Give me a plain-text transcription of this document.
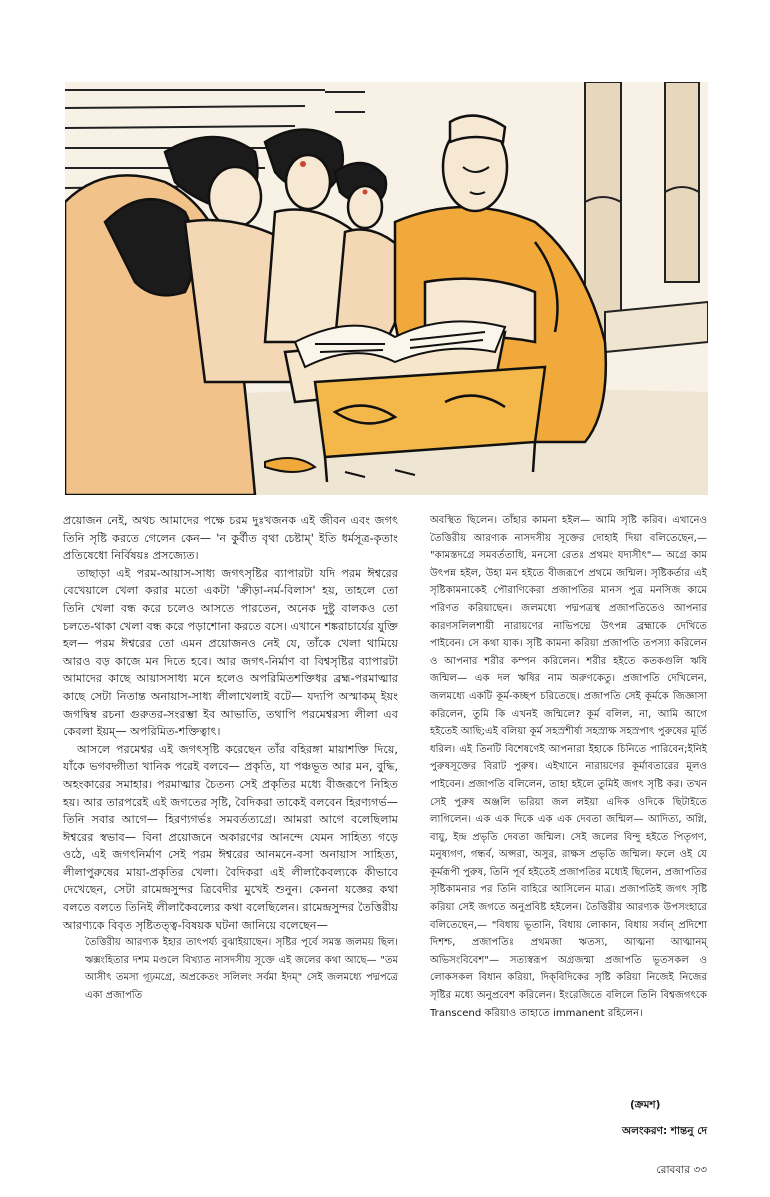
প্রয়োজন নেই, অথচ আমাদের পক্ষে চরম দুঃখজনক এই জীবন এবং জগৎ তিনি সৃষ্টি করতে গেলেন কেন— 'ন কুর্বীত বৃথা চেষ্টাম্' ইতি ধর্মসূত্র-কৃতাং প্রতিষেধো নির্বিষয়ঃ প্রসজ্যেত।

তাছাড়া এই পরম-আয়াস-সাধ্য জগৎসৃষ্টির ব্যাপারটা যদি পরম ঈশ্বরের বেখেয়ালে খেলা করার মতো একটা 'ক্রীড়া-নর্ম-বিলাস' হয়, তাহলে তো তিনি খেলা বন্ধ করে চলেও আসতে পারতেন, অনেক দুষ্টু বালকও তো চলতে-থাকা খেলা বন্ধ করে পড়াশোনা করতে বসে। এখানে শঙ্করাচার্যের যুক্তি হল— পরম ঈশ্বরের তো এমন প্রয়োজনও নেই যে, তাঁকে খেলা থামিয়ে আরও বড় কাজে মন দিতে হবে। আর জগৎ-নির্মাণ বা বিশ্বসৃষ্টির ব্যাপারটা আমাদের কাছে আয়াসসাধ্য মনে হলেও অপরিমিতশক্তিধর ব্রহ্ম-পরমাত্মার কাছে সেটা নিতান্ত অনায়াস-সাধ্য লীলাখেলাই বটে— যদ্যপি অস্মাকম্ ইয়ং জগদ্বিম্ব রচনা গুরুতর-সংরম্ভা ইব আভাতি, তথাপি পরমেশ্বরস্য লীলা এব কেবলা ইয়ম্— অপরিমিত-শক্তিত্বাৎ।

আসলে পরমেশ্বর এই জগৎসৃষ্টি করেছেন তাঁর বহিরঙ্গা মায়াশক্তি দিয়ে, যাঁকে ভগবদ্গীতা খানিক পরেই বলবে— প্রকৃতি, যা পঞ্চভূত আর মন, বুদ্ধি, অহংকারের সমাহার। পরমাত্মার চৈতন্য সেই প্রকৃতির মধ্যে বীজরূপে নিহিত হয়। আর তারপরেই এই জগতের সৃষ্টি, বৈদিকরা তাকেই বলবেন হিরণ্যগর্ভ— তিনি সবার আগে— হিরণ্যগর্ভঃ সমবর্তত্যগ্রে। আমরা আগে বলেছিলাম ঈশ্বরের স্বভাব— বিনা প্রয়োজনে অকারণের আনন্দে যেমন সাহিত্য গড়ে ওঠে, এই জগৎনির্মাণ সেই পরম ঈশ্বরের আনমনে-বসা অনায়াস সাহিত্য, লীলাপুরুষের মায়া-প্রকৃতির খেলা। বৈদিকরা এই লীলাকৈবল্যকে কীভাবে দেখেছেন, সেটা রামেন্দ্রসুন্দর ত্রিবেদীর মুখেই শুনুন। কেননা যজ্ঞের কথা বলতে বলতে তিনিই লীলাকৈবল্যের কথা বলেছিলেন। রামেন্দ্রসুন্দর তৈত্তিরীয় আরণ্যকে বিবৃত সৃষ্টিতত্ত্ব-বিষয়ক ঘটনা জানিয়ে বলেছেন—

তৈত্তিরীয় আরণ্যক ইহার তাৎপর্য্য বুঝাইয়াছেন। সৃষ্টির পূর্বে সমস্ত জলময় ছিল। ঋক্সংহিতার দশম মণ্ডলে বিখ্যাত নাসদসীয় সূক্তে এই জলের কথা আছে— "তম আসীৎ তমসা গূঢ়মগ্রে, অপ্রকেতং সলিলং সর্বমা ইদম্" সেই জলমধ্যে পদ্মপত্রে একা প্রজাপতি

অবস্থিত ছিলেন। তাঁহার কামনা হইল— আমি সৃষ্টি করিব। এখানেও তৈত্তিরীয় আরণ্যক নাসদসীয় সূক্তের দোহাই দিয়া বলিতেছেন,— "কামস্তদগ্রে সমবর্ততাধি, মনসো রেতঃ প্রথমং যদাসীৎ"— অগ্রে কাম উৎপন্ন হইল, উহা মন হইতে বীজরূপে প্রথমে জন্মিল। সৃষ্টিকর্তার এই সৃষ্টিকামনাকেই পৌরাণিকেরা প্রজাপতির মানস পুত্র মনসিজ কামে পরিণত করিয়াছেন। জলমধ্যে পদ্মপত্রস্থ প্রজাপতিতেও আপনার কারণসলিলশায়ী নারায়ণের নাভিপদ্মে উৎপন্ন ব্রহ্মাকে দেখিতে পাইবেন। সে কথা যাক। সৃষ্টি কামনা করিয়া প্রজাপতি তপস্যা করিলেন ও আপনার শরীর কম্পন করিলেন। শরীর হইতে কতকগুলি ঋষি জন্মিল— এক দল ঋষির নাম অরুণকেতু। প্রজাপতি দেখিলেন, জলমধ্যে একটি কূর্ম-কচ্ছপ চরিতেছে। প্রজাপতি সেই কূর্মকে জিজ্ঞাসা করিলেন, তুমি কি এখনই জন্মিলে? কূর্ম বলিল, না, আমি আগে হইতেই আছি;এই বলিয়া কূর্ম সহস্রশীর্ষা সহস্রাক্ষ সহস্রপাৎ পুরুষের মূর্তি ধরিল। এই তিনটি বিশেষণেই আপনারা ইহাকে চিনিতে পারিবেন;ইনিই পুরুষসূক্তের বিরাট পুরুষ। এইখানে নারায়ণের কূর্মাবতারের মূলও পাইবেন। প্রজাপতি বলিলেন, তাহা হইলে তুমিই জগৎ সৃষ্টি কর। তখন সেই পুরুষ অঞ্জলি ভরিয়া জল লইয়া এদিক ওদিকে ছিটাইতে লাগিলেন। এক এক দিকে এক এক দেবতা জন্মিল— আদিত্য, অগ্নি, বায়ু, ইন্দ্র প্রভৃতি দেবতা জন্মিল। সেই জলের বিন্দু হইতে পিতৃগণ, মনুষ্যগণ, গন্ধর্ব, অপ্সরা, অসুর, রাক্ষস প্রভৃতি জন্মিল। ফলে ওই যে কূর্মরূপী পুরুষ, তিনি পূর্ব হইতেই প্রজাপতির মধ্যেই ছিলেন, প্রজাপতির সৃষ্টিকামনার পর তিনি বাহিরে আসিলেন মাত্র। প্রজাপতিই জগৎ সৃষ্টি করিয়া সেই জগতে অনুপ্রবিষ্ট হইলেন। তৈত্তিরীয় আরণ্যক উপসংহারে বলিতেছেন,— "বিধায় ভূতানি, বিধায় লোকান, বিধায় সর্বান্ প্রদিশো দিশশ্চ, প্রজাপতিঃ প্রথমজা ঋতস্য, আত্মনা আত্মানম্ অভিসংবিবেশ"— সত্যস্বরূপ অগ্রজন্মা প্রজাপতি ভূতসকল ও লোকসকল বিধান করিয়া, দিক্‌বিদিকের সৃষ্টি করিয়া নিজেই নিজের সৃষ্টির মধ্যে অনুপ্রবেশ করিলেন। ইংরেজিতে বলিলে তিনি বিশ্বজগৎকে Transcend করিয়াও তাহাতে immanent রহিলেন।

(ক্রমশ)
অলংকরণ: শান্তনু দে
রোববার ৩৩
